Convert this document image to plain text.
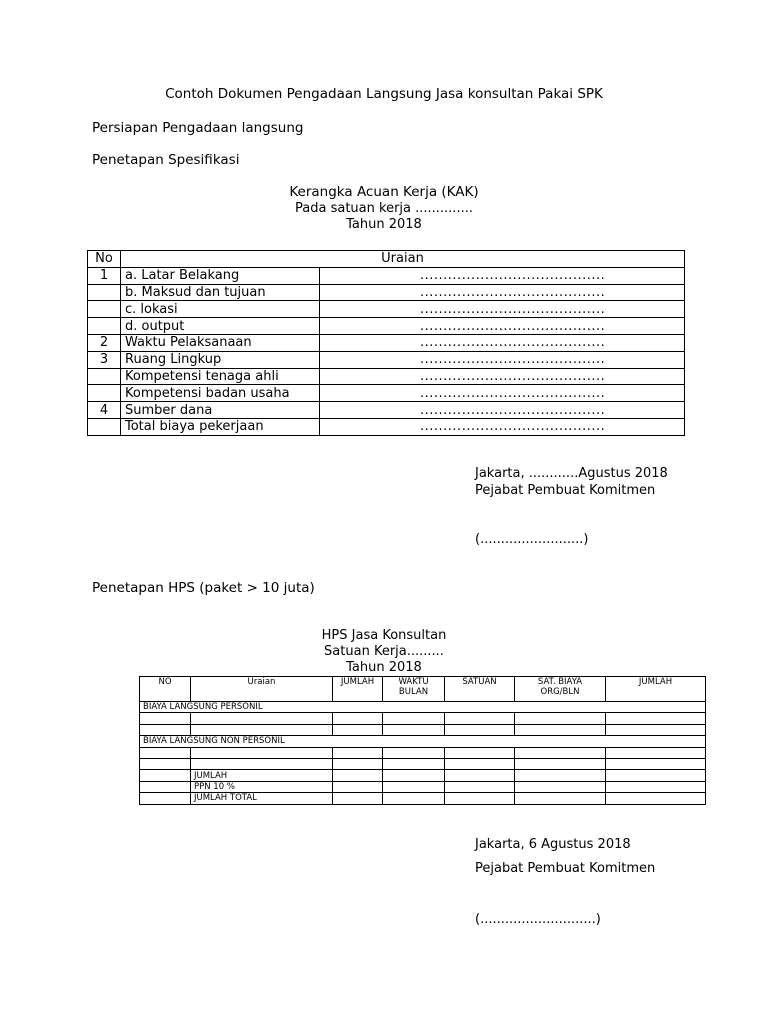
Contoh Dokumen Pengadaan Langsung Jasa konsultan Pakai SPK
Persiapan Pengadaan langsung
Penetapan Spesifikasi
Kerangka Acuan Kerja (KAK)
Pada satuan kerja ..............
Tahun 2018
No	Uraian	
1	a. Latar Belakang	........................................
	b. Maksud dan tujuan	........................................
	c. lokasi	........................................
	d. output	........................................
2	Waktu Pelaksanaan	........................................
3	Ruang Lingkup	........................................
	Kompetensi tenaga ahli	........................................
	Kompetensi badan usaha	........................................
4	Sumber dana	........................................
	Total biaya pekerjaan	........................................
Jakarta, ............Agustus 2018
Pejabat Pembuat Komitmen
(.........................)
Penetapan HPS (paket > 10 juta)
HPS Jasa Konsultan
Satuan Kerja.........
Tahun 2018
NO	Uraian	JUMLAH	WAKTU BULAN	SATUAN	SAT. BIAYA ORG/BLN	JUMLAH
BIAYA LANGSUNG PERSONIL						

BIAYA LANGSUNG NON PERSONIL						

	JUMLAH					
	PPN 10 %					
	JUMLAH TOTAL					
Jakarta, 6 Agustus 2018
Pejabat Pembuat Komitmen
(............................)
